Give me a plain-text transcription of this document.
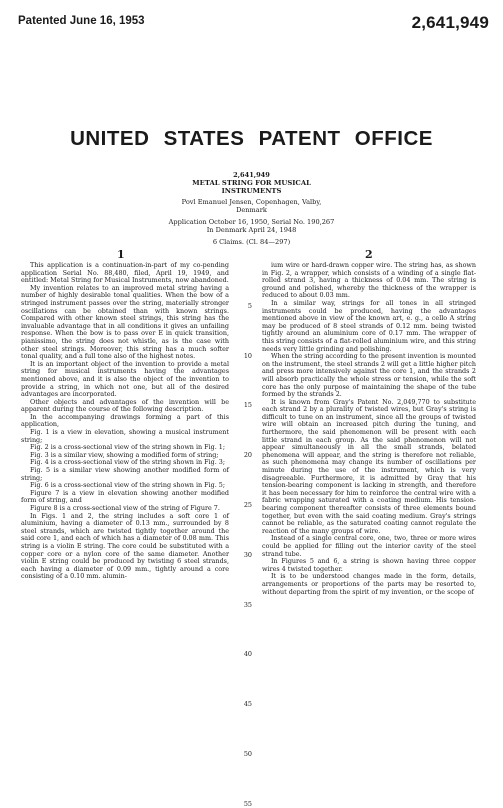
Patented June 16, 1953	2,641,949
UNITED STATES PATENT OFFICE
2,641,949
METAL STRING FOR MUSICAL
INSTRUMENTS
Povl Emanuel Jensen, Copenhagen, Valby,
Denmark
Application October 16, 1950, Serial No. 190,267
In Denmark April 24, 1948
6 Claims. (Cl. 84—297)
1	2

This application is a continuation-in-part of my co-pending application Serial No. 88,480, filed, April 19, 1949, and entitled: Metal String for Musical Instruments, now abandoned.

My invention relates to an improved metal string having a number of highly desirable tonal qualities. When the bow of a stringed instrument passes over the string, materially stronger oscillations can be obtained than with known strings. Compared with other known steel strings, this string has the invaluable advantage that in all conditions it gives an unfailing response. When the bow is to pass over E in quick transition, pianissimo, the string does not whistle, as is the case with other steel strings. Moreover, this string has a much softer tonal quality, and a full tone also of the highest notes.

It is an important object of the invention to provide a metal string for musical instruments having the advantages mentioned above, and it is also the object of the invention to provide a string, in which not one, but all of the desired advantages are incorporated.

Other objects and advantages of the invention will be apparent during the course of the following description.

In the accompanying drawings forming a part of this application,

Fig. 1 is a view in elevation, showing a musical instrument string;

Fig. 2 is a cross-sectional view of the string shown in Fig. 1;

Fig. 3 is a similar view, showing a modified form of string;

Fig. 4 is a cross-sectional view of the string shown in Fig. 3;

Fig. 5 is a similar view showing another modified form of string;

Fig. 6 is a cross-sectional view of the string shown in Fig. 5;

Figure 7 is a view in elevation showing another modified form of string, and

Figure 8 is a cross-sectional view of the string of Figure 7.

In Figs. 1 and 2, the string includes a soft core 1 of aluminium, having a diameter of 0.13 mm., surrounded by 8 steel strands, which are twisted tightly together around the said core 1, and each of which has a diameter of 0.08 mm. This string is a violin E string. The core could be substituted with a copper core or a nylon core of the same diameter. Another violin E string could be produced by twisting 6 steel strands, each having a diameter of 0.09 mm., tightly around a core consisting of a 0.10 mm. alumin-

5
10
15
20
25
30
35
40
45
50
55

ium wire or hard-drawn copper wire. The string has, as shown in Fig. 2, a wrapper, which consists of a winding of a single flat-rolled strand 3, having a thickness of 0.04 mm. The string is ground and polished, whereby the thickness of the wrapper is reduced to about 0.03 mm.

In a similar way, strings for all tones in all stringed instruments could be produced, having the advantages mentioned above in view of the known art, e. g., a cello A string may be produced of 8 steel strands of 0.12 mm. being twisted tightly around an aluminium core of 0.17 mm. The wrapper of this string consists of a flat-rolled aluminium wire, and this string needs very little grinding and polishing.

When the string according to the present invention is mounted on the instrument, the steel strands 2 will get a little higher pitch and press more intensively against the core 1, and the strands 2 will absorb practically the whole stress or tension, while the soft core has the only purpose of maintaining the shape of the tube formed by the strands 2.

It is known from Gray's Patent No. 2,049,770 to substitute each strand 2 by a plurality of twisted wires, but Gray's string is difficult to tune on an instrument, since all the groups of twisted wire will obtain an increased pitch during the tuning, and furthermore, the said phenomenon will be present with each little strand in each group. As the said phenomenon will not appear simultaneously in all the small strands, belated phenomena will appear, and the string is therefore not reliable, as such phenomena may change its number of oscillations per minute during the use of the instrument, which is very disagreeable. Furthermore, it is admitted by Gray that his tension-bearing component is lacking in strength, and therefore it has been necessary for him to reinforce the central wire with a fabric wrapping saturated with a coating medium. His tension-bearing component thereafter consists of three elements bound together, but even with the said coating medium. Gray's strings cannot be reliable, as the saturated coating cannot regulate the reaction of the many groups of wire.

Instead of a single central core, one, two, three or more wires could be applied for filling out the interior cavity of the steel strand tube.

In Figures 5 and 6, a string is shown having three copper wires 4 twisted together.

It is to be understood changes made in the form, details, arrangements or proportions of the parts may be resorted to, without departing from the spirit of my invention, or the scope of
